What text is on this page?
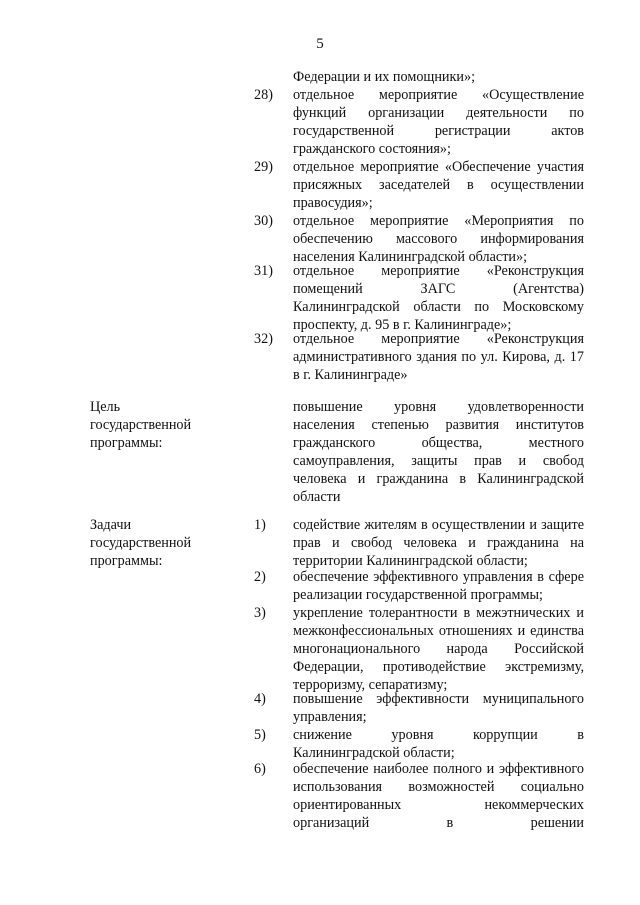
5

Федерации и их помощники»;

28)	отдельное мероприятие «Осуществление функций организации деятельности по государственной регистрации актов гражданского состояния»;

29)	отдельное мероприятие «Обеспечение участия присяжных заседателей в осуществлении правосудия»;

30)	отдельное мероприятие «Мероприятия по обеспечению массового информирования населения Калининградской области»;

31)	отдельное мероприятие «Реконструкция помещений ЗАГС (Агентства) Калининградской области по Московскому проспекту, д. 95 в г. Калининграде»;

32)	отдельное мероприятие «Реконструкция административного здания по ул. Кирова, д. 17 в г. Калининграде»

Цель
государственной
программы:

повышение уровня удовлетворенности населения степенью развития институтов гражданского общества, местного самоуправления, защиты прав и свобод человека и гражданина в Калининградской области

Задачи
государственной
программы:

1)	содействие жителям в осуществлении и защите прав и свобод человека и гражданина на территории Калининградской области;

2)	обеспечение эффективного управления в сфере реализации государственной программы;

3)	укрепление толерантности в межэтнических и межконфессиональных отношениях и единства многонационального народа Российской Федерации, противодействие экстремизму, терроризму, сепаратизму;

4)	повышение эффективности муниципального управления;

5)	снижение уровня коррупции в Калининградской области;

6)	обеспечение наиболее полного и эффективного использования возможностей социально ориентированных некоммерческих организаций в решении
